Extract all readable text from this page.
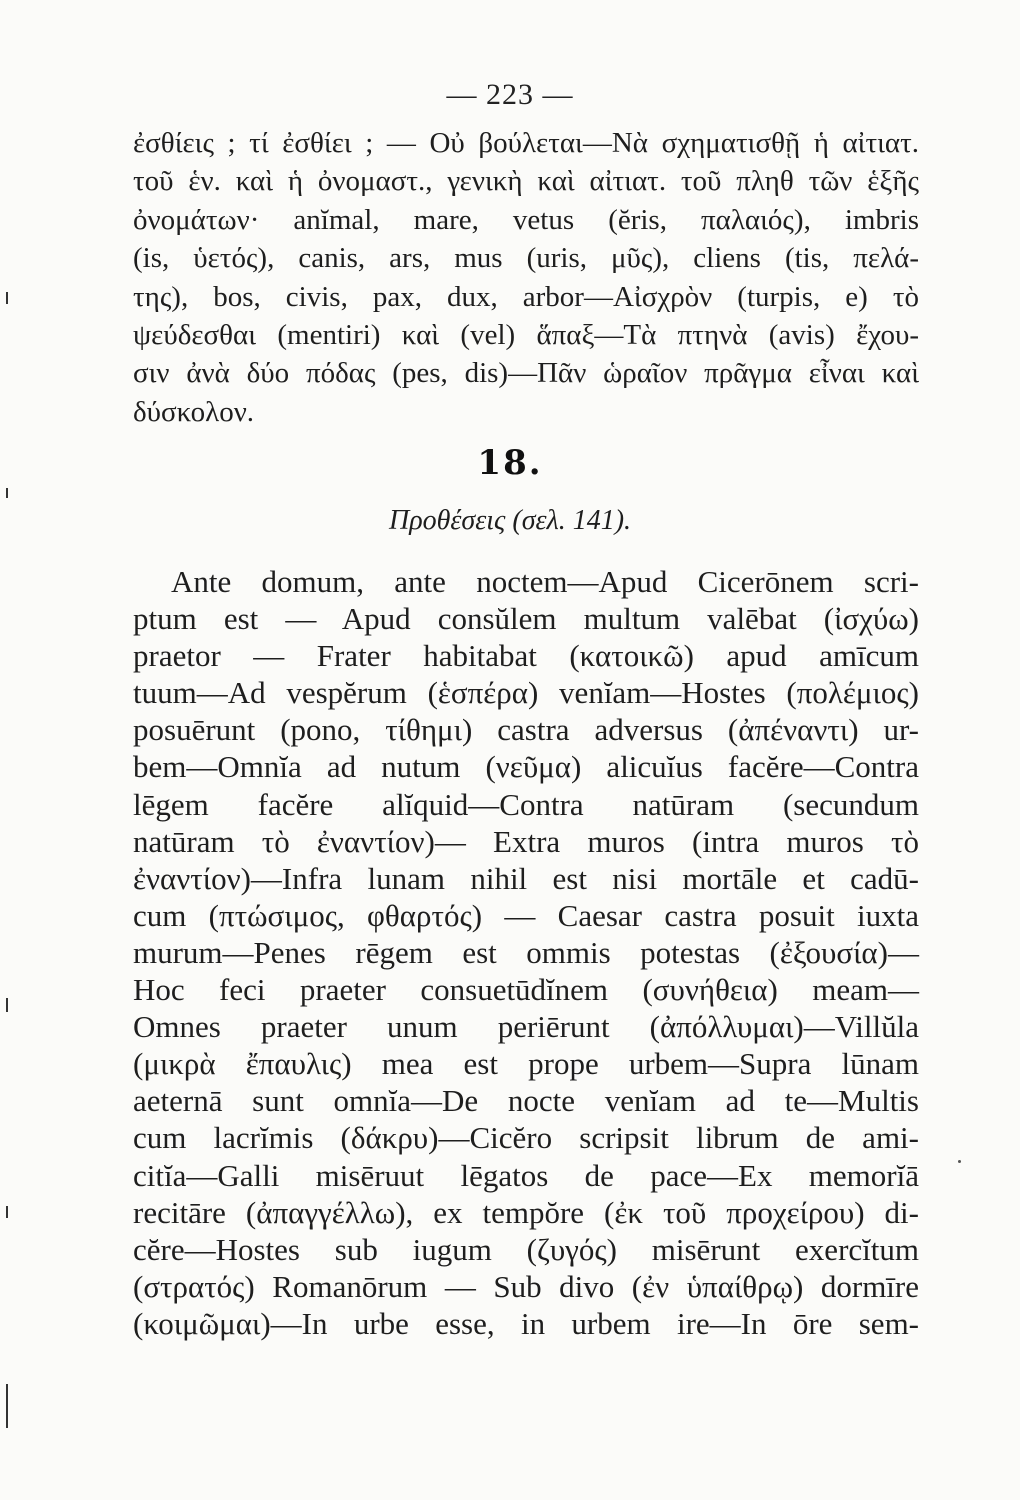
— 223 —
ἐσθίεις ; τί ἐσθίει ; — Οὐ βούλεται—Νὰ σχηματισθῇ ἡ αἰτιατ.
τοῦ ἑν. καὶ ἡ ὀνομαστ., γενικὴ καὶ αἰτιατ. τοῦ πληθ τῶν ἑξῆς
ὀνομάτων· anĭmal, mare, vetus (ĕris, παλαιός), imbris
(is, ὑετός), canis, ars, mus (uris, μῦς), cliens (tis, πελά-
της), bos, civis, pax, dux, arbor—Αἰσχρὸν (turpis, e) τὸ
ψεύδεσθαι (mentiri) καὶ (vel) ἅπαξ—Τὰ πτηνὰ (avis) ἔχου-
σιν ἀνὰ δύο πόδας (pes, dis)—Πᾶν ὡραῖον πρᾶγμα εἶναι καὶ
δύσκολον.
18.
Προθέσεις (σελ. 141).
Ante domum, ante noctem—Apud Cicerōnem scri-
ptum est — Apud consŭlem multum valēbat (ἰσχύω)
praetor — Frater habitabat (κατοικῶ) apud amīcum
tuum—Ad vespĕrum (ἑσπέρα) venĭam—Hostes (πολέμιος)
posuērunt (pono, τίθημι) castra adversus (ἀπέναντι) ur-
bem—Omnĭa ad nutum (νεῦμα) alicuĭus facĕre—Contra
lēgem facĕre alĭquid—Contra natūram (secundum
natūram τὸ ἐναντίον)— Extra muros (intra muros τὸ
ἐναντίον)—Infra lunam nihil est nisi mortāle et cadū-
cum (πτώσιμος, φθαρτός) — Caesar castra posuit iuxta
murum—Penes rēgem est ommis potestas (ἐξουσία)—
Hoc feci praeter consuetūdĭnem (συνήθεια) meam—
Omnes praeter unum periērunt (ἀπόλλυμαι)—Villŭla
(μικρὰ ἔπαυλις) mea est prope urbem—Supra lūnam
aeternā sunt omnĭa—De nocte venĭam ad te—Multis
cum lacrĭmis (δάκρυ)—Cicĕro scripsit librum de ami-
citĭa—Galli misēruut lēgatos de pace—Ex memorĭā
recitāre (ἀπαγγέλλω), ex tempŏre (ἐκ τοῦ προχείρου) di-
cĕre—Hostes sub iugum (ζυγός) misērunt exercĭtum
(στρατός) Romanōrum — Sub divo (ἐν ὑπαίθρῳ) dormīre
(κοιμῶμαι)—In urbe esse, in urbem ire—In ōre sem-
